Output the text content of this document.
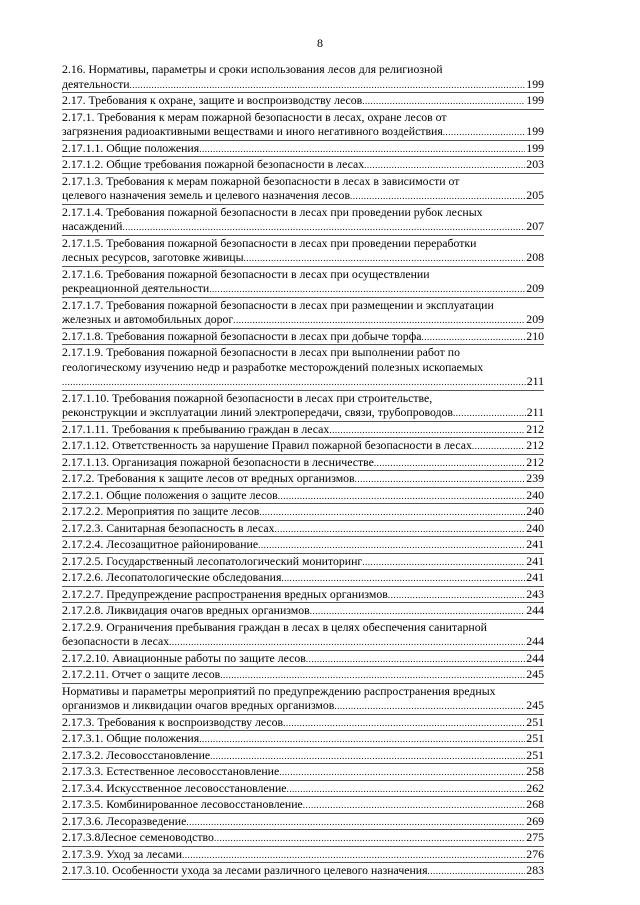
8
2.16. Нормативы, параметры и сроки использования лесов для религиозной
деятельности .....	199
2.17. Требования к охране, защите и воспроизводству лесов .....	199
2.17.1. Требования к мерам пожарной безопасности в лесах, охране лесов от
загрязнения радиоактивными веществами и иного негативного воздействия .....	199
2.17.1.1. Общие положения .....	199
2.17.1.2. Общие требования пожарной безопасности в лесах .....	203
2.17.1.3. Требования к мерам пожарной безопасности в лесах в зависимости от
целевого назначения земель и целевого назначения лесов .....	205
2.17.1.4. Требования пожарной безопасности в лесах при проведении рубок лесных
насаждений .....	207
2.17.1.5. Требования пожарной безопасности в лесах при проведении переработки
лесных ресурсов, заготовке живицы .....	208
2.17.1.6. Требования пожарной безопасности в лесах при осуществлении
рекреационной деятельности .....	209
2.17.1.7. Требования пожарной безопасности в лесах при размещении и эксплуатации
железных и автомобильных дорог .....	209
2.17.1.8. Требования пожарной безопасности в лесах при добыче торфа .....	210
2.17.1.9. Требования пожарной безопасности в лесах при выполнении работ по
геологическому изучению недр и разработке месторождений полезных ископаемых
.....
211
2.17.1.10. Требования пожарной безопасности в лесах при строительстве,
реконструкции и эксплуатации линий электропередачи, связи, трубопроводов .....	211
2.17.1.11. Требования к пребыванию граждан в лесах .....	212
2.17.1.12. Ответственность за нарушение Правил пожарной безопасности в лесах .....	212
2.17.1.13. Организация пожарной безопасности в лесничестве .....	212
2.17.2. Требования к защите лесов от вредных организмов .....	239
2.17.2.1. Общие положения о защите лесов .....	240
2.17.2.2. Мероприятия по защите лесов .....	240
2.17.2.3. Санитарная безопасность в лесах .....	240
2.17.2.4. Лесозащитное районирование .....	241
2.17.2.5. Государственный лесопатологический мониторинг .....	241
2.17.2.6. Лесопатологические обследования .....	241
2.17.2.7. Предупреждение распространения вредных организмов .....	243
2.17.2.8. Ликвидация очагов вредных организмов .....	244
2.17.2.9. Ограничения пребывания граждан в лесах в целях обеспечения санитарной
безопасности в лесах .....	244
2.17.2.10. Авиационные работы по защите лесов .....	244
2.17.2.11. Отчет о защите лесов .....	245
Нормативы и параметры мероприятий по предупреждению распространения вредных
организмов и ликвидации очагов вредных организмов .....	245
2.17.3. Требования к воспроизводству лесов .....	251
2.17.3.1. Общие положения .....	251
2.17.3.2. Лесовосстановление .....	251
2.17.3.3. Естественное лесовосстановление .....	258
2.17.3.4. Искусственное лесовосстановление .....	262
2.17.3.5. Комбинированное лесовосстановление .....	268
2.17.3.6. Лесоразведение .....	269
2.17.3.8Лесное семеноводство .....	275
2.17.3.9. Уход за лесами .....	276
2.17.3.10. Особенности ухода за лесами различного целевого назначения .....	283
